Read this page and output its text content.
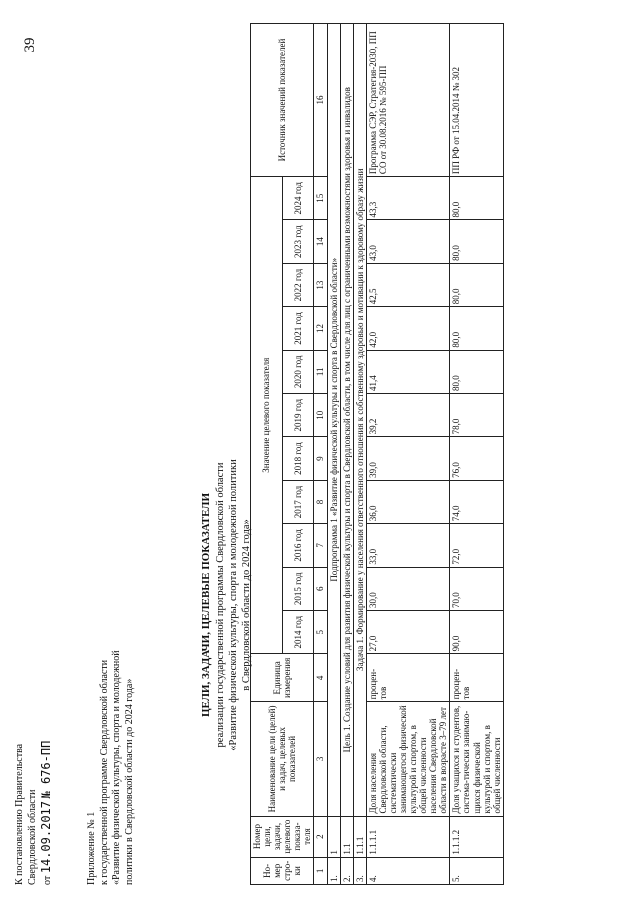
39
К постановлению Правительства Свердловской области от 14.09.2017 № 676-ПП
Приложение № 1 к государственной программе Свердловской области «Развитие физической культуры, спорта и молодежной политики в Свердловской области до 2024 года»
ЦЕЛИ, ЗАДАЧИ, ЦЕЛЕВЫЕ ПОКАЗАТЕЛИ реализации государственной программы Свердловской области «Развитие физической культуры, спорта и молодежной политики в Свердловской области до 2024 года»
Но-мер стро-ки	Номер цели, задачи, целевого показа-теля	Наименование цели (целей) и задач, целевых показателей	Единица измерения	Значение целевого показателя											Источник значений показателей
				2014 год	2015 год	2016 год	2017 год	2018 год	2019 год	2020 год	2021 год	2022 год	2023 год	2024 год	
1	2	3	4	5	6	7	8	9	10	11	12	13	14	15	16
1.	1	Подпрограмма 1 «Развитие физической культуры и спорта в Свердловской области»													
2.	1.1	Цель 1. Создание условий для развития физической культуры и спорта в Свердловской области, в том числе для лиц с ограниченными возможностями здоровья и инвалидов													
3.	1.1.1	Задача 1. Формирование у населения ответственного отношения к собственному здоровью и мотивации к здоровому образу жизни													
4.	1.1.1.1	Доля населения Свердловской области, систематически занимающегося физической культурой и спортом, в общей численности населения Свердловской области в возрасте 3–79 лет	процен-тов	27,0	30,0	33,0	36,0	39,0	39,2	41,4	42,0	42,5	43,0	43,3	Программа СЭР, Стратегия-2030, ПП СО от 30.08.2016 № 595-ПП
5.	1.1.1.2	Доля учащихся и студентов, система-тически занимаю-щихся физической культурой и спортом, в общей численности	процен-тов	90,0	70,0	72,0	74,0	76,0	78,0	80,0	80,0	80,0	80,0	80,0	ПП РФ от 15.04.2014 № 302
